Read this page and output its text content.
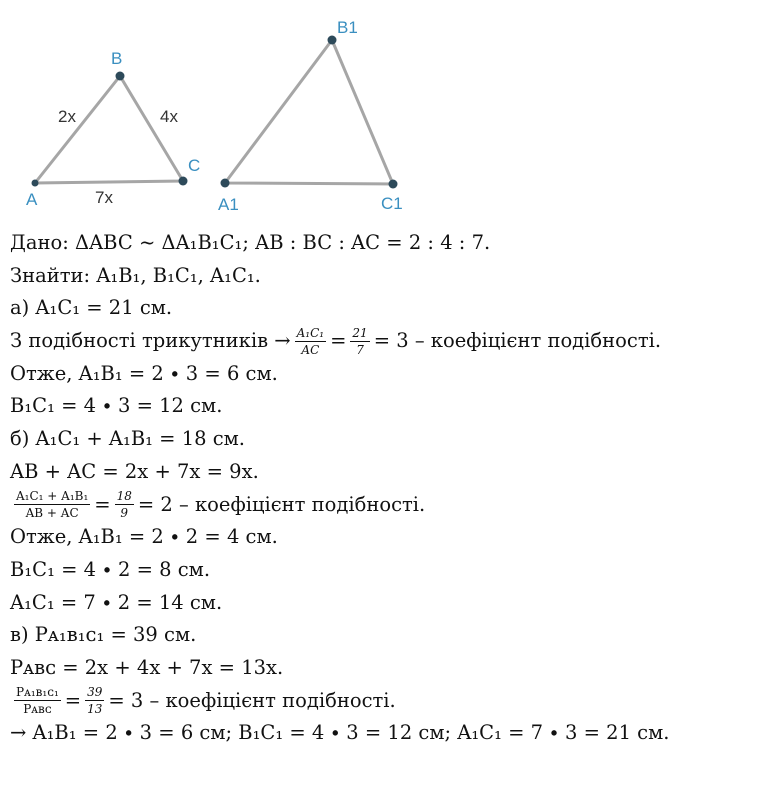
A
B
C
2x	4x
7x	A1
B1
C1
Дано: ΔABC ~ ΔA₁B₁C₁; AB : BC : AC = 2 : 4 : 7.
Знайти: A₁B₁, B₁C₁, A₁C₁.
а) A₁C₁ = 21 см.
З подібності трикутників → $\frac{\text{A₁C₁}}{AC} = \frac{21}{7} = 3$ – коефіцієнт подібності.
Отже, A₁B₁ = 2 ∙ 3 = 6 см.
B₁C₁ = 4 ∙ 3 = 12 см.
б) A₁C₁ + A₁B₁ = 18 см.
AB + AC = 2x + 7x = 9x.
$\frac{\text{A₁C₁ + A₁B₁}}{AB + AC} = \frac{18}{9} = 2$ – коефіцієнт подібності.
Отже, A₁B₁ = 2 ∙ 2 = 4 см.
B₁C₁ = 4 ∙ 2 = 8 см.
A₁C₁ = 7 ∙ 2 = 14 см.
в) Pᴀ₁ʙ₁ᴄ₁ = 39 см.
Pᴀʙᴄ = 2x + 4x + 7x = 13x.
$\frac{\text{Pᴀ₁ʙ₁ᴄ₁}}{\text{Pᴀʙᴄ}} = \frac{39}{13} = 3$ – коефіцієнт подібності.
→ A₁B₁ = 2 ∙ 3 = 6 см; B₁C₁ = 4 ∙ 3 = 12 см; A₁C₁ = 7 ∙ 3 = 21 см.
